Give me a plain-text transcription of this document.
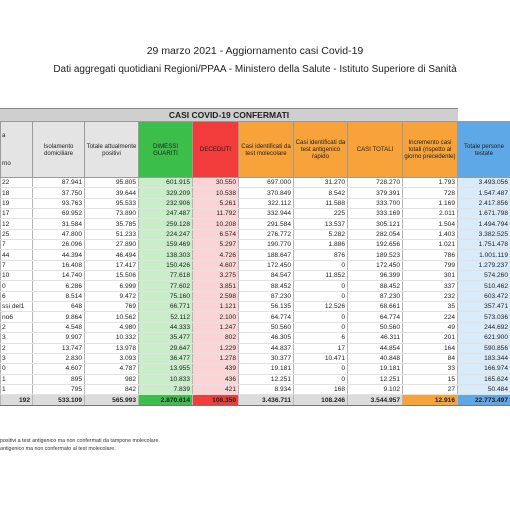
29 marzo 2021 - Aggiornamento casi Covid-19
Dati aggregati quotidiani Regioni/PPAA - Ministero della Salute - Istituto Superiore di Sanità
CASI COVID-19 CONFERMATI
a

rno	Isolamento domiciliare	Totale attualmente positivi	DIMESSI GUARITI	DECEDUTI	Casi identificati da test molecolare	Casi identificati da test antigenico rapido	CASI TOTALI	Incremento casi totali (rispetto al giorno precedente)	Totale persone testate
22	87.941	95.805	601.915	30.550	697.000	31.270	728.270	1.793	3.493.056
18	37.750	39.644	329.209	10.538	370.849	8.542	379.391	728	1.547.487
19	93.763	95.533	232.906	5.261	322.112	11.588	333.700	1.169	2.417.856
17	69.952	73.890	247.487	11.792	332.944	225	333.169	2.011	1.671.798
12	31.584	35.785	259.128	10.208	291.584	13.537	305.121	1.504	1.494.794
25	47.800	51.233	224.247	6.574	276.772	5.282	282.054	1.403	3.382.525
7	26.096	27.890	159.469	5.297	190.770	1.886	192.656	1.021	1.751.478
44	44.394	46.494	138.303	4.726	188.647	876	189.523	786	1.001.119
7	16.408	17.417	150.426	4.607	172.450	0	172.450	799	1.279.237
10	14.740	15.506	77.618	3.275	84.547	11.852	96.399	301	574.260
0	6.286	6.999	77.602	3.851	88.452	0	88.452	337	510.462
6	8.514	9.472	75.160	2.598	87.230	0	87.230	232	603.472

ssi del 1	648	769	66.771	1.121	56.135	12.526	68.661	35	357.471

no 6	9.864	10.562	52.112	2.100	64.774	0	64.774	224	573.036
2	4.548	4.980	44.333	1.247	50.560	0	50.560	49	244.692
3	9.907	10.332	35.477	802	46.305	6	46.311	201	621.900
2	13.747	13.978	29.647	1.229	44.837	17	44.854	164	590.856
3	2.830	3.093	36.477	1.278	30.377	10.471	40.848	84	183.344
0	4.607	4.787	13.955	439	19.181	0	19.181	33	166.974
1	895	982	10.833	436	12.251	0	12.251	15	165.624
1	795	842	7.839	421	8.934	168	9.102	27	50.484
192	533.109	565.993	2.870.614	108.350	3.436.711	108.246	3.544.957	12.916	22.773.497
positivi a test antigenico ma non confermati da tampone molecolare.
antigenico ma non confermato al test molecolare.
